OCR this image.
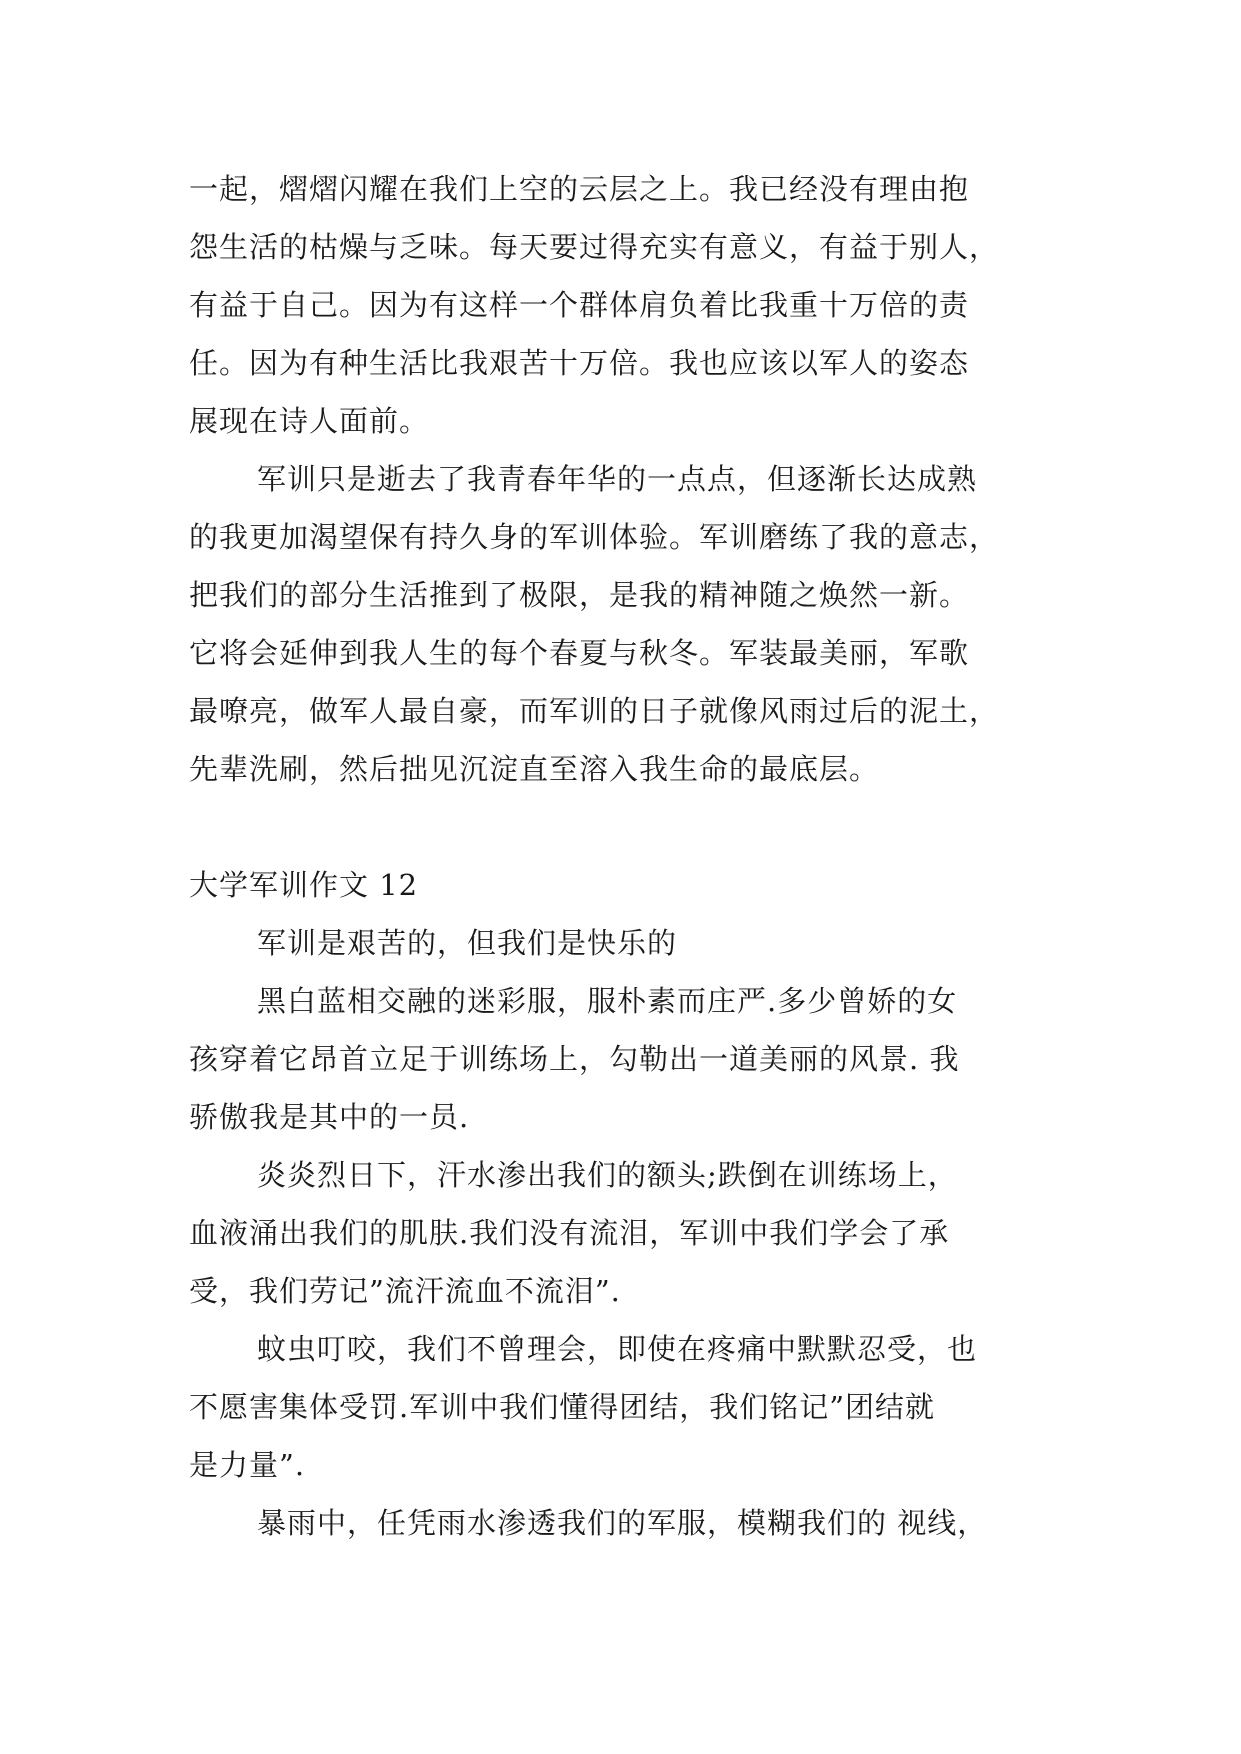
一起，熠熠闪耀在我们上空的云层之上。我已经没有理由抱
怨生活的枯燥与乏味。每天要过得充实有意义，有益于别人，
有益于自己。因为有这样一个群体肩负着比我重十万倍的责
任。因为有种生活比我艰苦十万倍。我也应该以军人的姿态
展现在诗人面前。
军训只是逝去了我青春年华的一点点，但逐渐长达成熟
的我更加渴望保有持久身的军训体验。军训磨练了我的意志，
把我们的部分生活推到了极限，是我的精神随之焕然一新。
它将会延伸到我人生的每个春夏与秋冬。军装最美丽，军歌
最嘹亮，做军人最自豪，而军训的日子就像风雨过后的泥土，
先辈洗刷，然后拙见沉淀直至溶入我生命的最底层。
大学军训作文 12
军训是艰苦的，但我们是快乐的
黑白蓝相交融的迷彩服，服朴素而庄严.多少曾娇的女
孩穿着它昂首立足于训练场上，勾勒出一道美丽的风景. 我
骄傲我是其中的一员.
炎炎烈日下，汗水渗出我们的额头;跌倒在训练场上，
血液涌出我们的肌肤.我们没有流泪，军训中我们学会了承
受，我们劳记”流汗流血不流泪”.
蚊虫叮咬，我们不曾理会，即使在疼痛中默默忍受，也
不愿害集体受罚.军训中我们懂得团结，我们铭记”团结就
是力量”.
暴雨中，任凭雨水渗透我们的军服，模糊我们的 视线，
